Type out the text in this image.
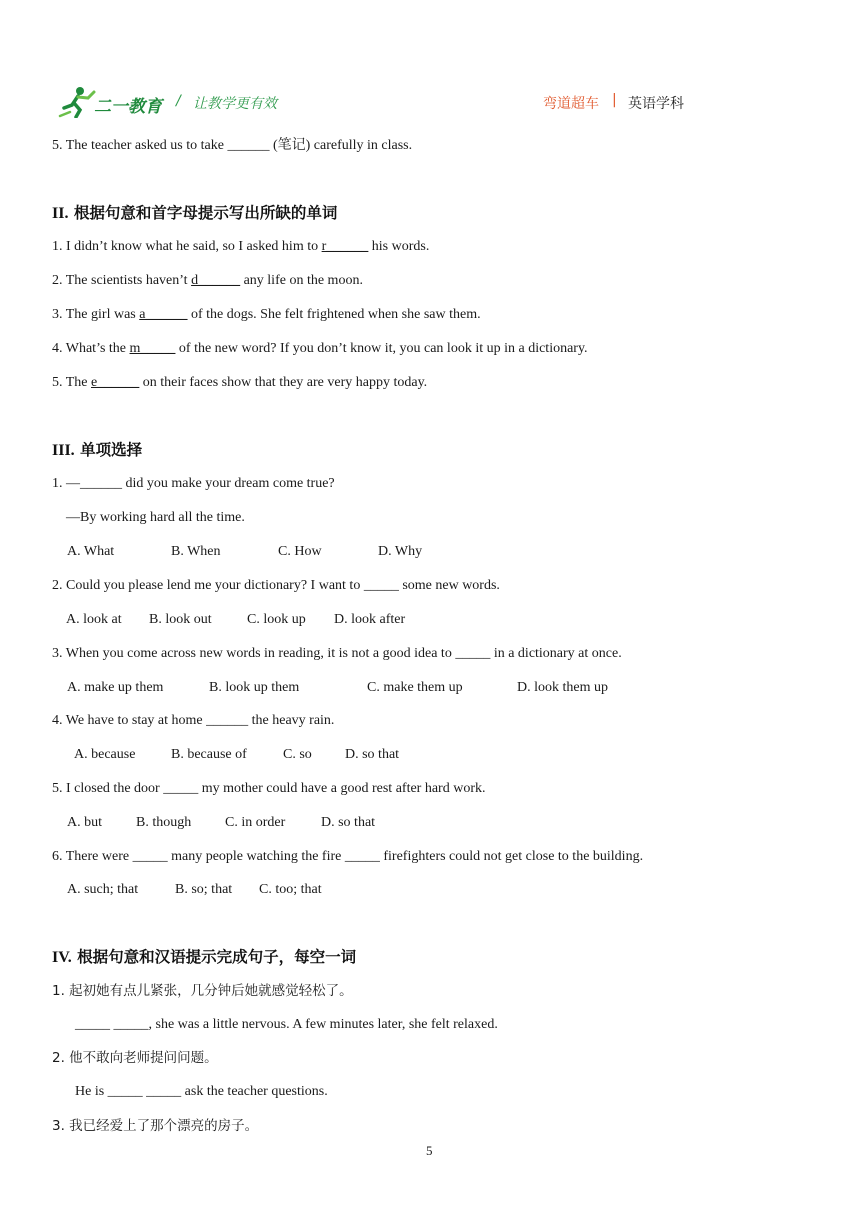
二一教育 / 让教学更有效	弯道超车 | 英语学科
5. The teacher asked us to take ______ (笔记) carefully in class.
II. 根据句意和首字母提示写出所缺的单词
1. I didn’t know what he said, so I asked him to r______ his words.
2. The scientists haven’t d______ any life on the moon.
3. The girl was a______ of the dogs. She felt frightened when she saw them.
4. What’s the m_____ of the new word? If you don’t know it, you can look it up in a dictionary.
5. The e______ on their faces show that they are very happy today.
III. 单项选择
1. —______ did you make your dream come true?
—By working hard all the time.
A. What	B. When	C. How	D. Why
2. Could you please lend me your dictionary? I want to _____ some new words.
A. look at B. look out	C. look up D. look after
3. When you come across new words in reading, it is not a good idea to _____ in a dictionary at once.
A. make up them	B. look up them	C. make them up	D. look them up
4. We have to stay at home ______ the heavy rain.
A. because	B. because of	C. so D. so that
5. I closed the door _____ my mother could have a good rest after hard work.
A. but B. though C. in order	D. so that
6. There were _____ many people watching the fire _____ firefighters could not get close to the building.
A. such; that	B. so; that C. too; that
IV. 根据句意和汉语提示完成句子，每空一词
1. 起初她有点儿紧张，几分钟后她就感觉轻松了。
_____ _____, she was a little nervous. A few minutes later, she felt relaxed.
2. 他不敢向老师提问问题。
He is _____ _____ ask the teacher questions.
3. 我已经爱上了那个漂亮的房子。
5
